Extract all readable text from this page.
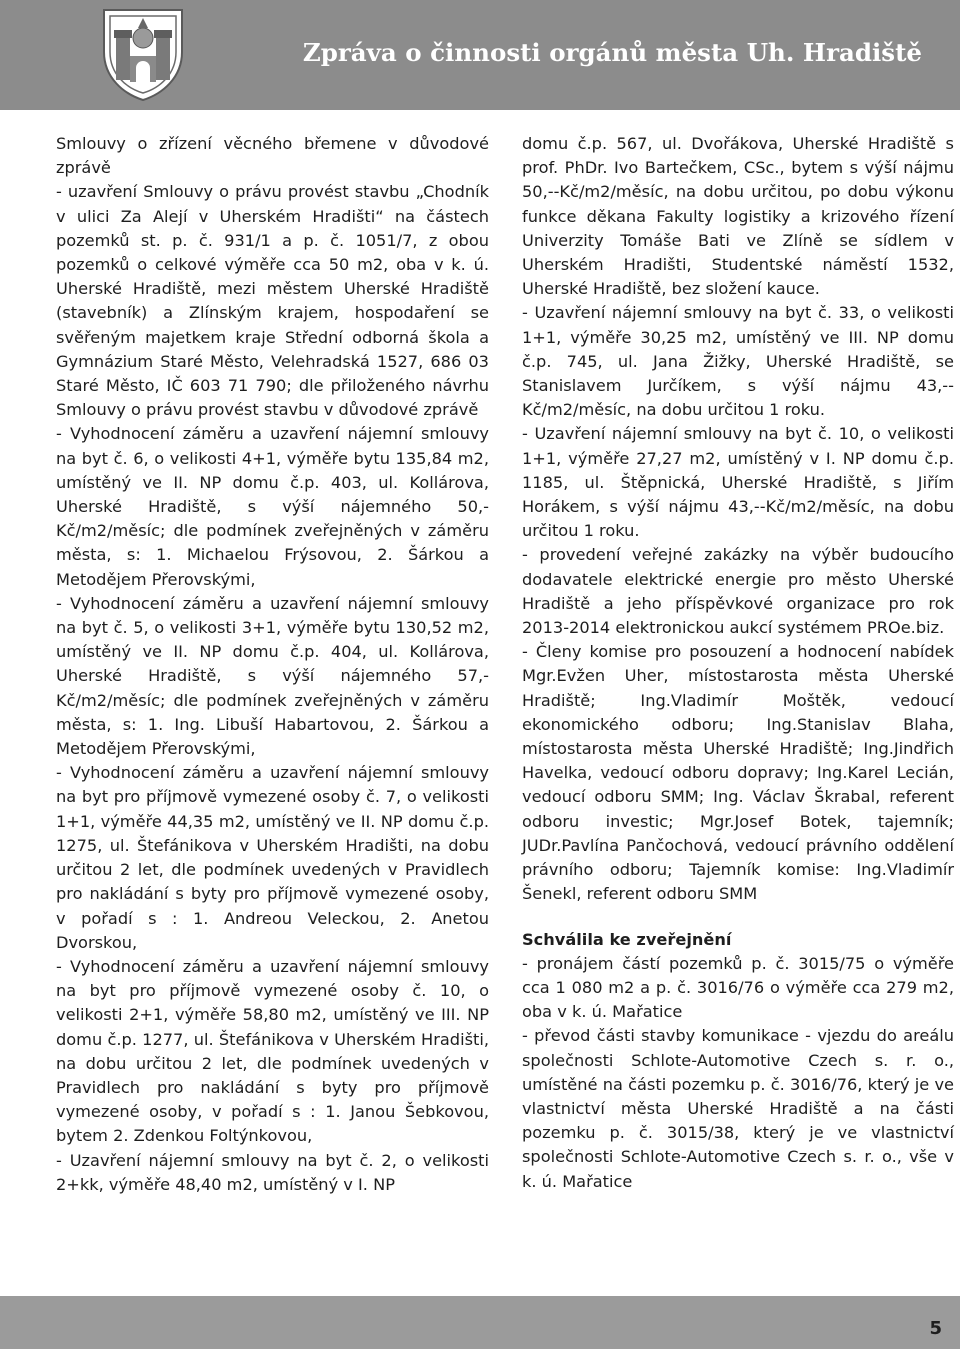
Zpráva o činnosti orgánů města Uh. Hradiště

Smlouvy o zřízení věcného břemene v důvodové zprávě
- uzavření Smlouvy o právu provést stavbu „Chodník v ulici Za Alejí v Uherském Hradišti“ na částech pozemků st. p. č. 931/1 a p. č. 1051/7, z obou pozemků o celkové výměře cca 50 m2, oba v k. ú. Uherské Hradiště, mezi městem Uherské Hradiště (stavebník) a Zlínským krajem, hospodaření se svěřeným majetkem kraje Střední odborná škola a Gymnázium Staré Město, Velehradská 1527, 686 03 Staré Město, IČ 603 71 790; dle přiloženého návrhu Smlouvy o právu provést stavbu v důvodové zprávě
- Vyhodnocení záměru a uzavření nájemní smlouvy na byt č. 6, o velikosti 4+1, výměře bytu 135,84 m2, umístěný ve II. NP domu č.p. 403, ul. Kollárova, Uherské Hradiště, s výší nájemného 50,- Kč/m2/měsíc; dle podmínek zveřejněných v záměru města, s: 1. Michaelou Frýsovou, 2. Šárkou a Metodějem Přerovskými,
- Vyhodnocení záměru a uzavření nájemní smlouvy na byt č. 5, o velikosti 3+1, výměře bytu 130,52 m2, umístěný ve II. NP domu č.p. 404, ul. Kollárova, Uherské Hradiště, s výší nájemného 57,- Kč/m2/měsíc; dle podmínek zveřejněných v záměru města, s: 1. Ing. Libuší Habartovou, 2. Šárkou a Metodějem Přerovskými,
- Vyhodnocení záměru a uzavření nájemní smlouvy na byt pro příjmově vymezené osoby č. 7, o velikosti 1+1, výměře 44,35 m2, umístěný ve II. NP domu č.p. 1275, ul. Štefánikova v Uherském Hradišti, na dobu určitou 2 let, dle podmínek uvedených v Pravidlech pro nakládání s byty pro příjmově vymezené osoby, v pořadí s : 1. Andreou Veleckou, 2. Anetou Dvorskou,
- Vyhodnocení záměru a uzavření nájemní smlouvy na byt pro příjmově vymezené osoby č. 10, o velikosti 2+1, výměře 58,80 m2, umístěný ve III. NP domu č.p. 1277, ul. Štefánikova v Uherském Hradišti, na dobu určitou 2 let, dle podmínek uvedených v Pravidlech pro nakládání s byty pro příjmově vymezené osoby, v pořadí s : 1. Janou Šebkovou, bytem 2. Zdenkou Foltýnkovou,
- Uzavření nájemní smlouvy na byt č. 2, o velikosti 2+kk, výměře 48,40 m2, umístěný v I. NP

domu č.p. 567, ul. Dvořákova, Uherské Hradiště s prof. PhDr. Ivo Bartečkem, CSc., bytem s výší nájmu 50,--Kč/m2/měsíc, na dobu určitou, po dobu výkonu funkce děkana Fakulty logistiky a krizového řízení Univerzity Tomáše Bati ve Zlíně se sídlem v Uherském Hradišti, Studentské náměstí 1532, Uherské Hradiště, bez složení kauce.
- Uzavření nájemní smlouvy na byt č. 33, o velikosti 1+1, výměře 30,25 m2, umístěný ve III. NP domu č.p. 745, ul. Jana Žižky, Uherské Hradiště, se Stanislavem Jurčíkem, s výší nájmu 43,--Kč/m2/měsíc, na dobu určitou 1 roku.
- Uzavření nájemní smlouvy na byt č. 10, o velikosti 1+1, výměře 27,27 m2, umístěný v I. NP domu č.p. 1185, ul. Štěpnická, Uherské Hradiště, s Jiřím Horákem, s výší nájmu 43,--Kč/m2/měsíc, na dobu určitou 1 roku.
- provedení veřejné zakázky na výběr budoucího dodavatele elektrické energie pro město Uherské Hradiště a jeho příspěvkové organizace pro rok 2013-2014 elektronickou aukcí systémem PROe.biz.
- Členy komise pro posouzení a hodnocení nabídek Mgr.Evžen Uher, místostarosta města Uherské Hradiště; Ing.Vladimír Moštěk, vedoucí ekonomického odboru; Ing.Stanislav Blaha, místostarosta města Uherské Hradiště; Ing.Jindřich Havelka, vedoucí odboru dopravy; Ing.Karel Lecián, vedoucí odboru SMM; Ing. Václav Škrabal, referent odboru investic; Mgr.Josef Botek, tajemník; JUDr.Pavlína Pančochová, vedoucí právního oddělení právního odboru; Tajemník komise: Ing.Vladimír Šenekl, referent odboru SMM

Schválila ke zveřejnění

- pronájem částí pozemků p. č. 3015/75 o výměře cca 1 080 m2 a p. č. 3016/76 o výměře cca 279 m2, oba v k. ú. Mařatice
- převod části stavby komunikace - vjezdu do areálu společnosti Schlote-Automotive Czech s. r. o., umístěné na části pozemku p. č. 3016/76, který je ve vlastnictví města Uherské Hradiště a na části pozemku p. č. 3015/38, který je ve vlastnictví společnosti Schlote-Automotive Czech s. r. o., vše v k. ú. Mařatice

5
